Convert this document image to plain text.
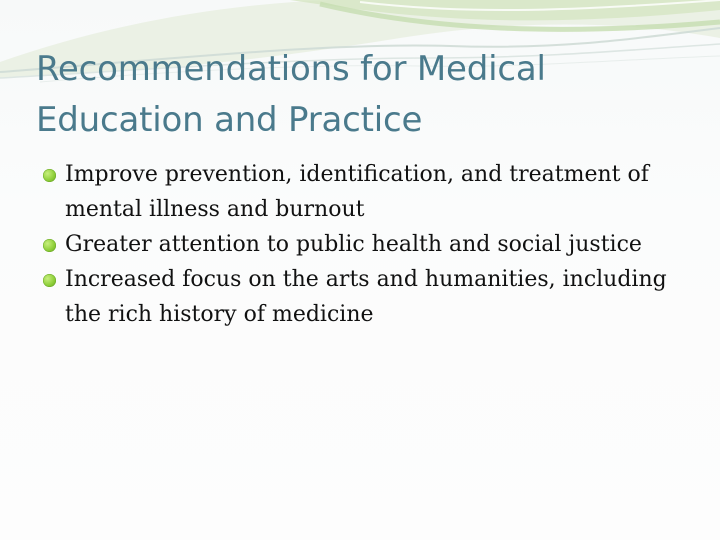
Recommendations for Medical Education and Practice
Improve prevention, identification, and treatment of mental illness and burnout
Greater attention to public health and social justice
Increased focus on the arts and humanities, including the rich history of medicine
